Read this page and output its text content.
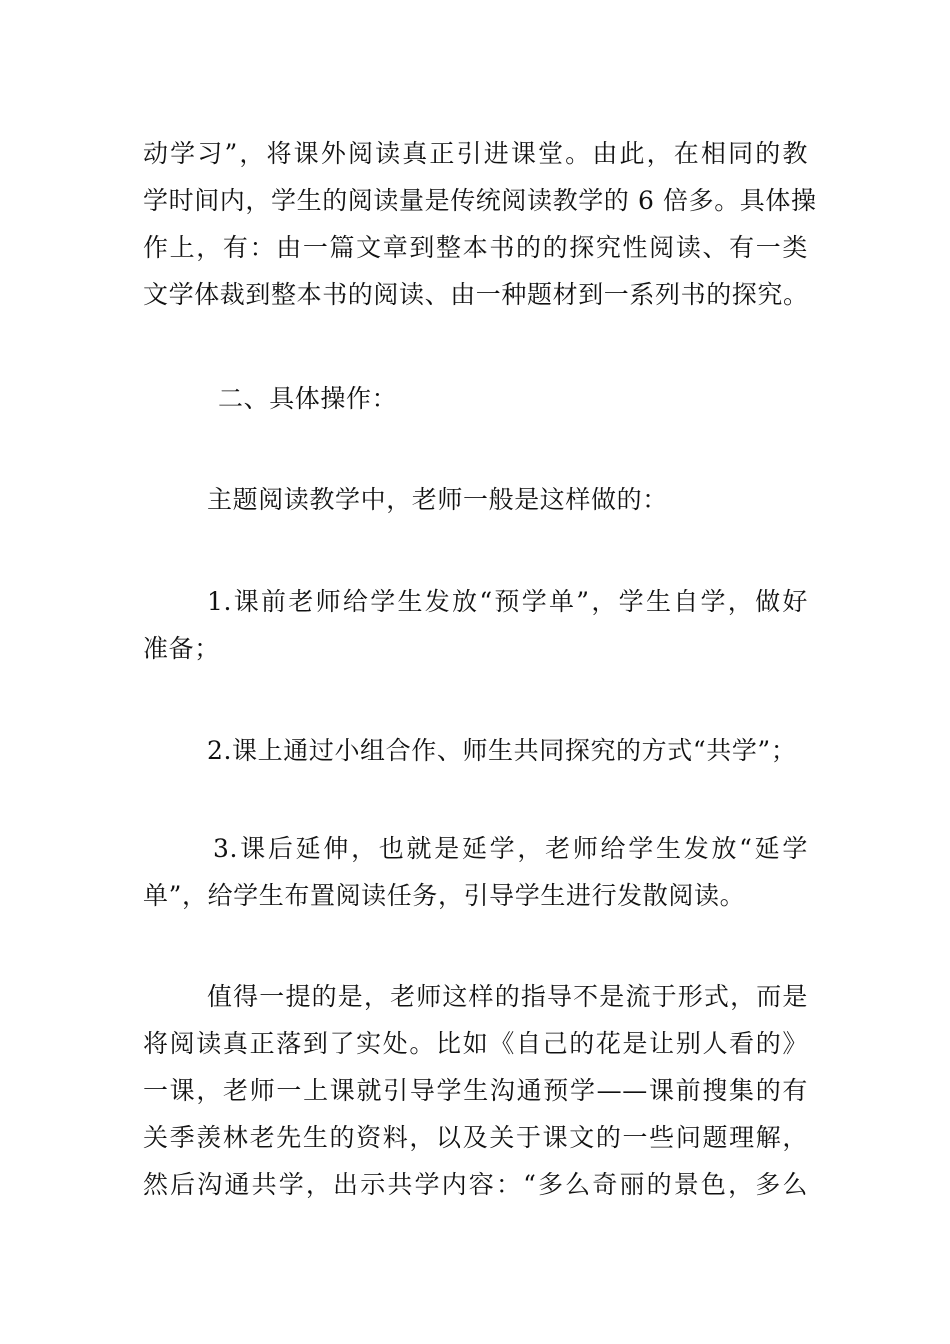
动学习”，将课外阅读真正引进课堂。由此，在相同的教
学时间内，学生的阅读量是传统阅读教学的 6 倍多。具体操
作上，有：由一篇文章到整本书的的探究性阅读、有一类
文学体裁到整本书的阅读、由一种题材到一系列书的探究。
二、具体操作：
主题阅读教学中，老师一般是这样做的：
1.课前老师给学生发放“预学单”，学生自学，做好
准备；
2.课上通过小组合作、师生共同探究的方式“共学”；
3.课后延伸，也就是延学，老师给学生发放“延学
单”，给学生布置阅读任务，引导学生进行发散阅读。
值得一提的是，老师这样的指导不是流于形式，而是
将阅读真正落到了实处。比如《自己的花是让别人看的》
一课，老师一上课就引导学生沟通预学——课前搜集的有
关季羡林老先生的资料，以及关于课文的一些问题理解，
然后沟通共学，出示共学内容：“多么奇丽的景色，多么
